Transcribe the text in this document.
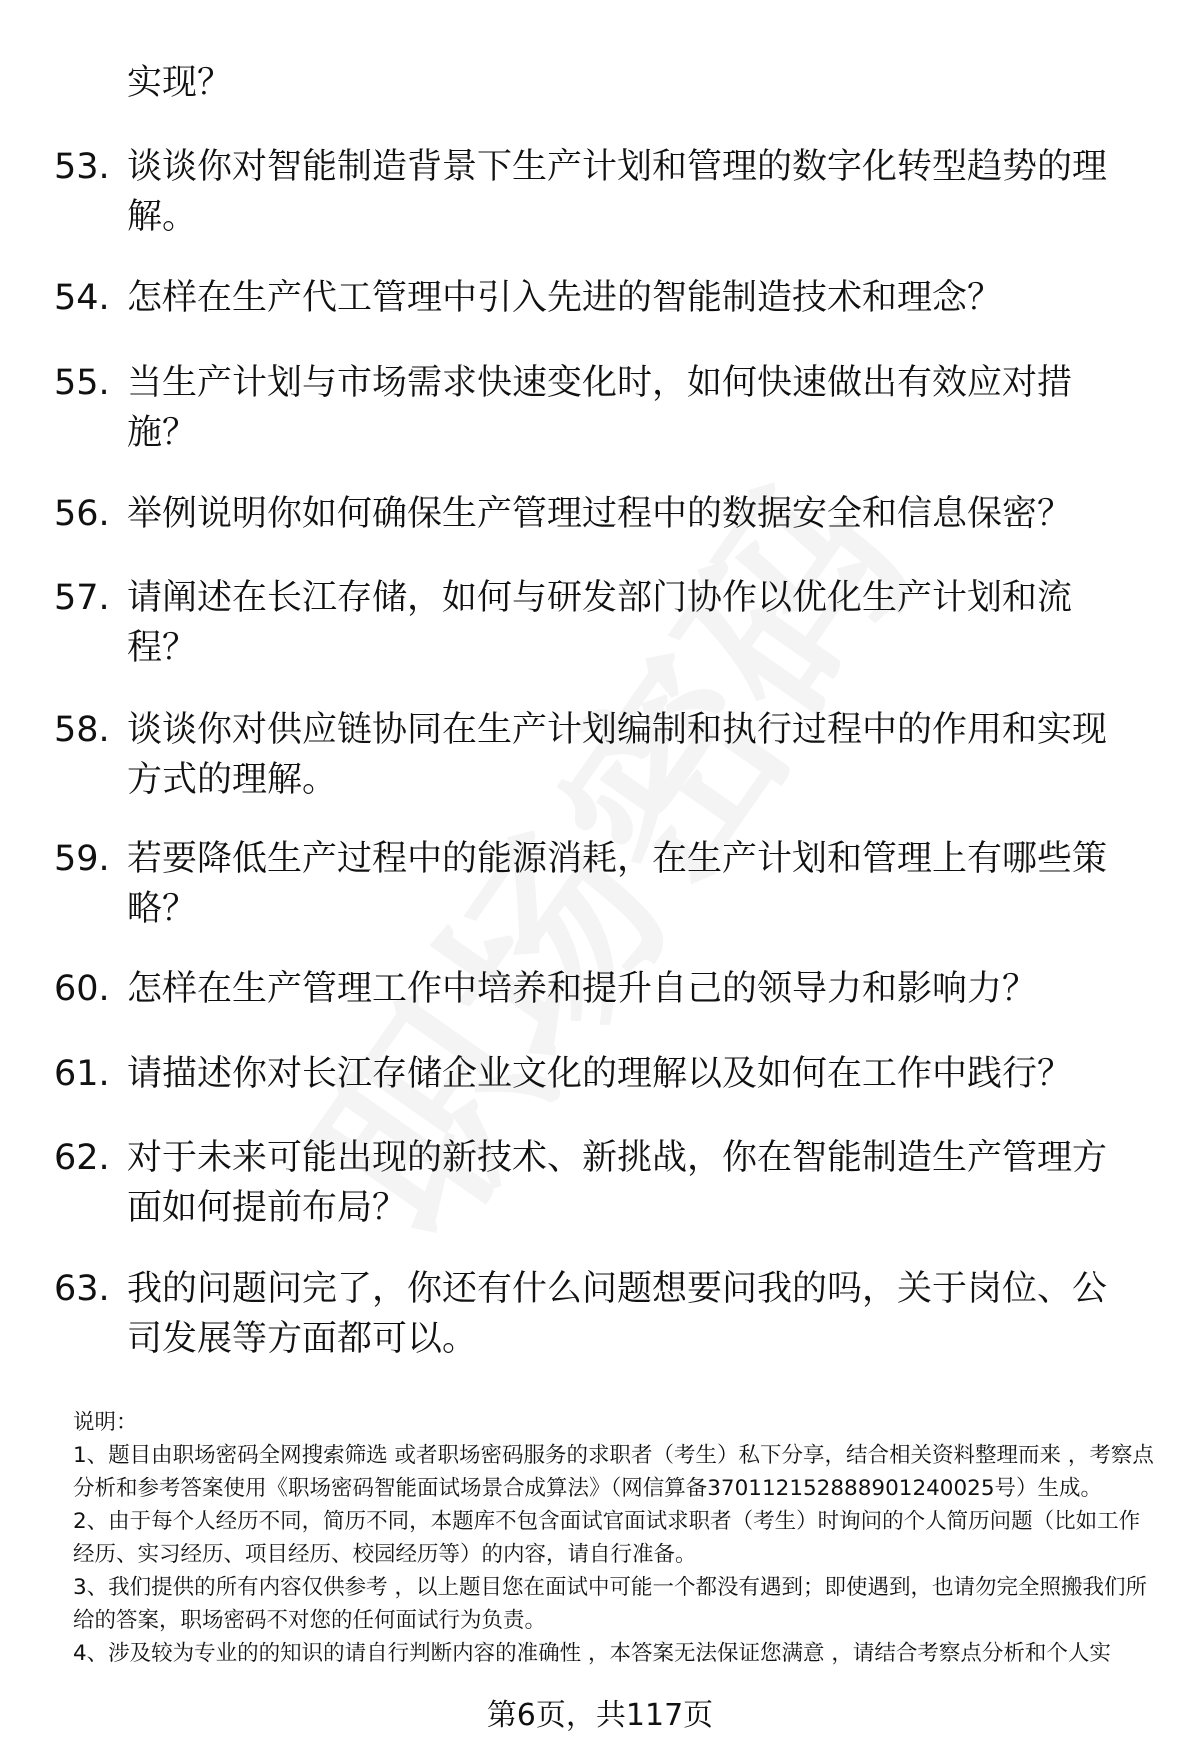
实现？
53. 谈谈你对智能制造背景下生产计划和管理的数字化转型趋势的理解。
54. 怎样在生产代工管理中引入先进的智能制造技术和理念？
55. 当生产计划与市场需求快速变化时，如何快速做出有效应对措施？
56. 举例说明你如何确保生产管理过程中的数据安全和信息保密？
57. 请阐述在长江存储，如何与研发部门协作以优化生产计划和流程？
58. 谈谈你对供应链协同在生产计划编制和执行过程中的作用和实现方式的理解。
59. 若要降低生产过程中的能源消耗，在生产计划和管理上有哪些策略？
60. 怎样在生产管理工作中培养和提升自己的领导力和影响力？
61. 请描述你对长江存储企业文化的理解以及如何在工作中践行？
62. 对于未来可能出现的新技术、新挑战，你在智能制造生产管理方面如何提前布局？
63. 我的问题问完了，你还有什么问题想要问我的吗，关于岗位、公司发展等方面都可以。
说明：
1、题目由职场密码全网搜索筛选 或者职场密码服务的求职者（考生）私下分享，结合相关资料整理而来 ，考察点分析和参考答案使用《职场密码智能面试场景合成算法》（网信算备370112152888901240025号）生成。
2、由于每个人经历不同，简历不同，本题库不包含面试官面试求职者（考生）时询问的个人简历问题（比如工作经历、实习经历、项目经历、校园经历等）的内容，请自行准备。
3、我们提供的所有内容仅供参考 ，以上题目您在面试中可能一个都没有遇到；即使遇到，也请勿完全照搬我们所给的答案，职场密码不对您的任何面试行为负责。
4、涉及较为专业的的知识的请自行判断内容的准确性 ，本答案无法保证您满意 ，请结合考察点分析和个人实
第6页，共117页
